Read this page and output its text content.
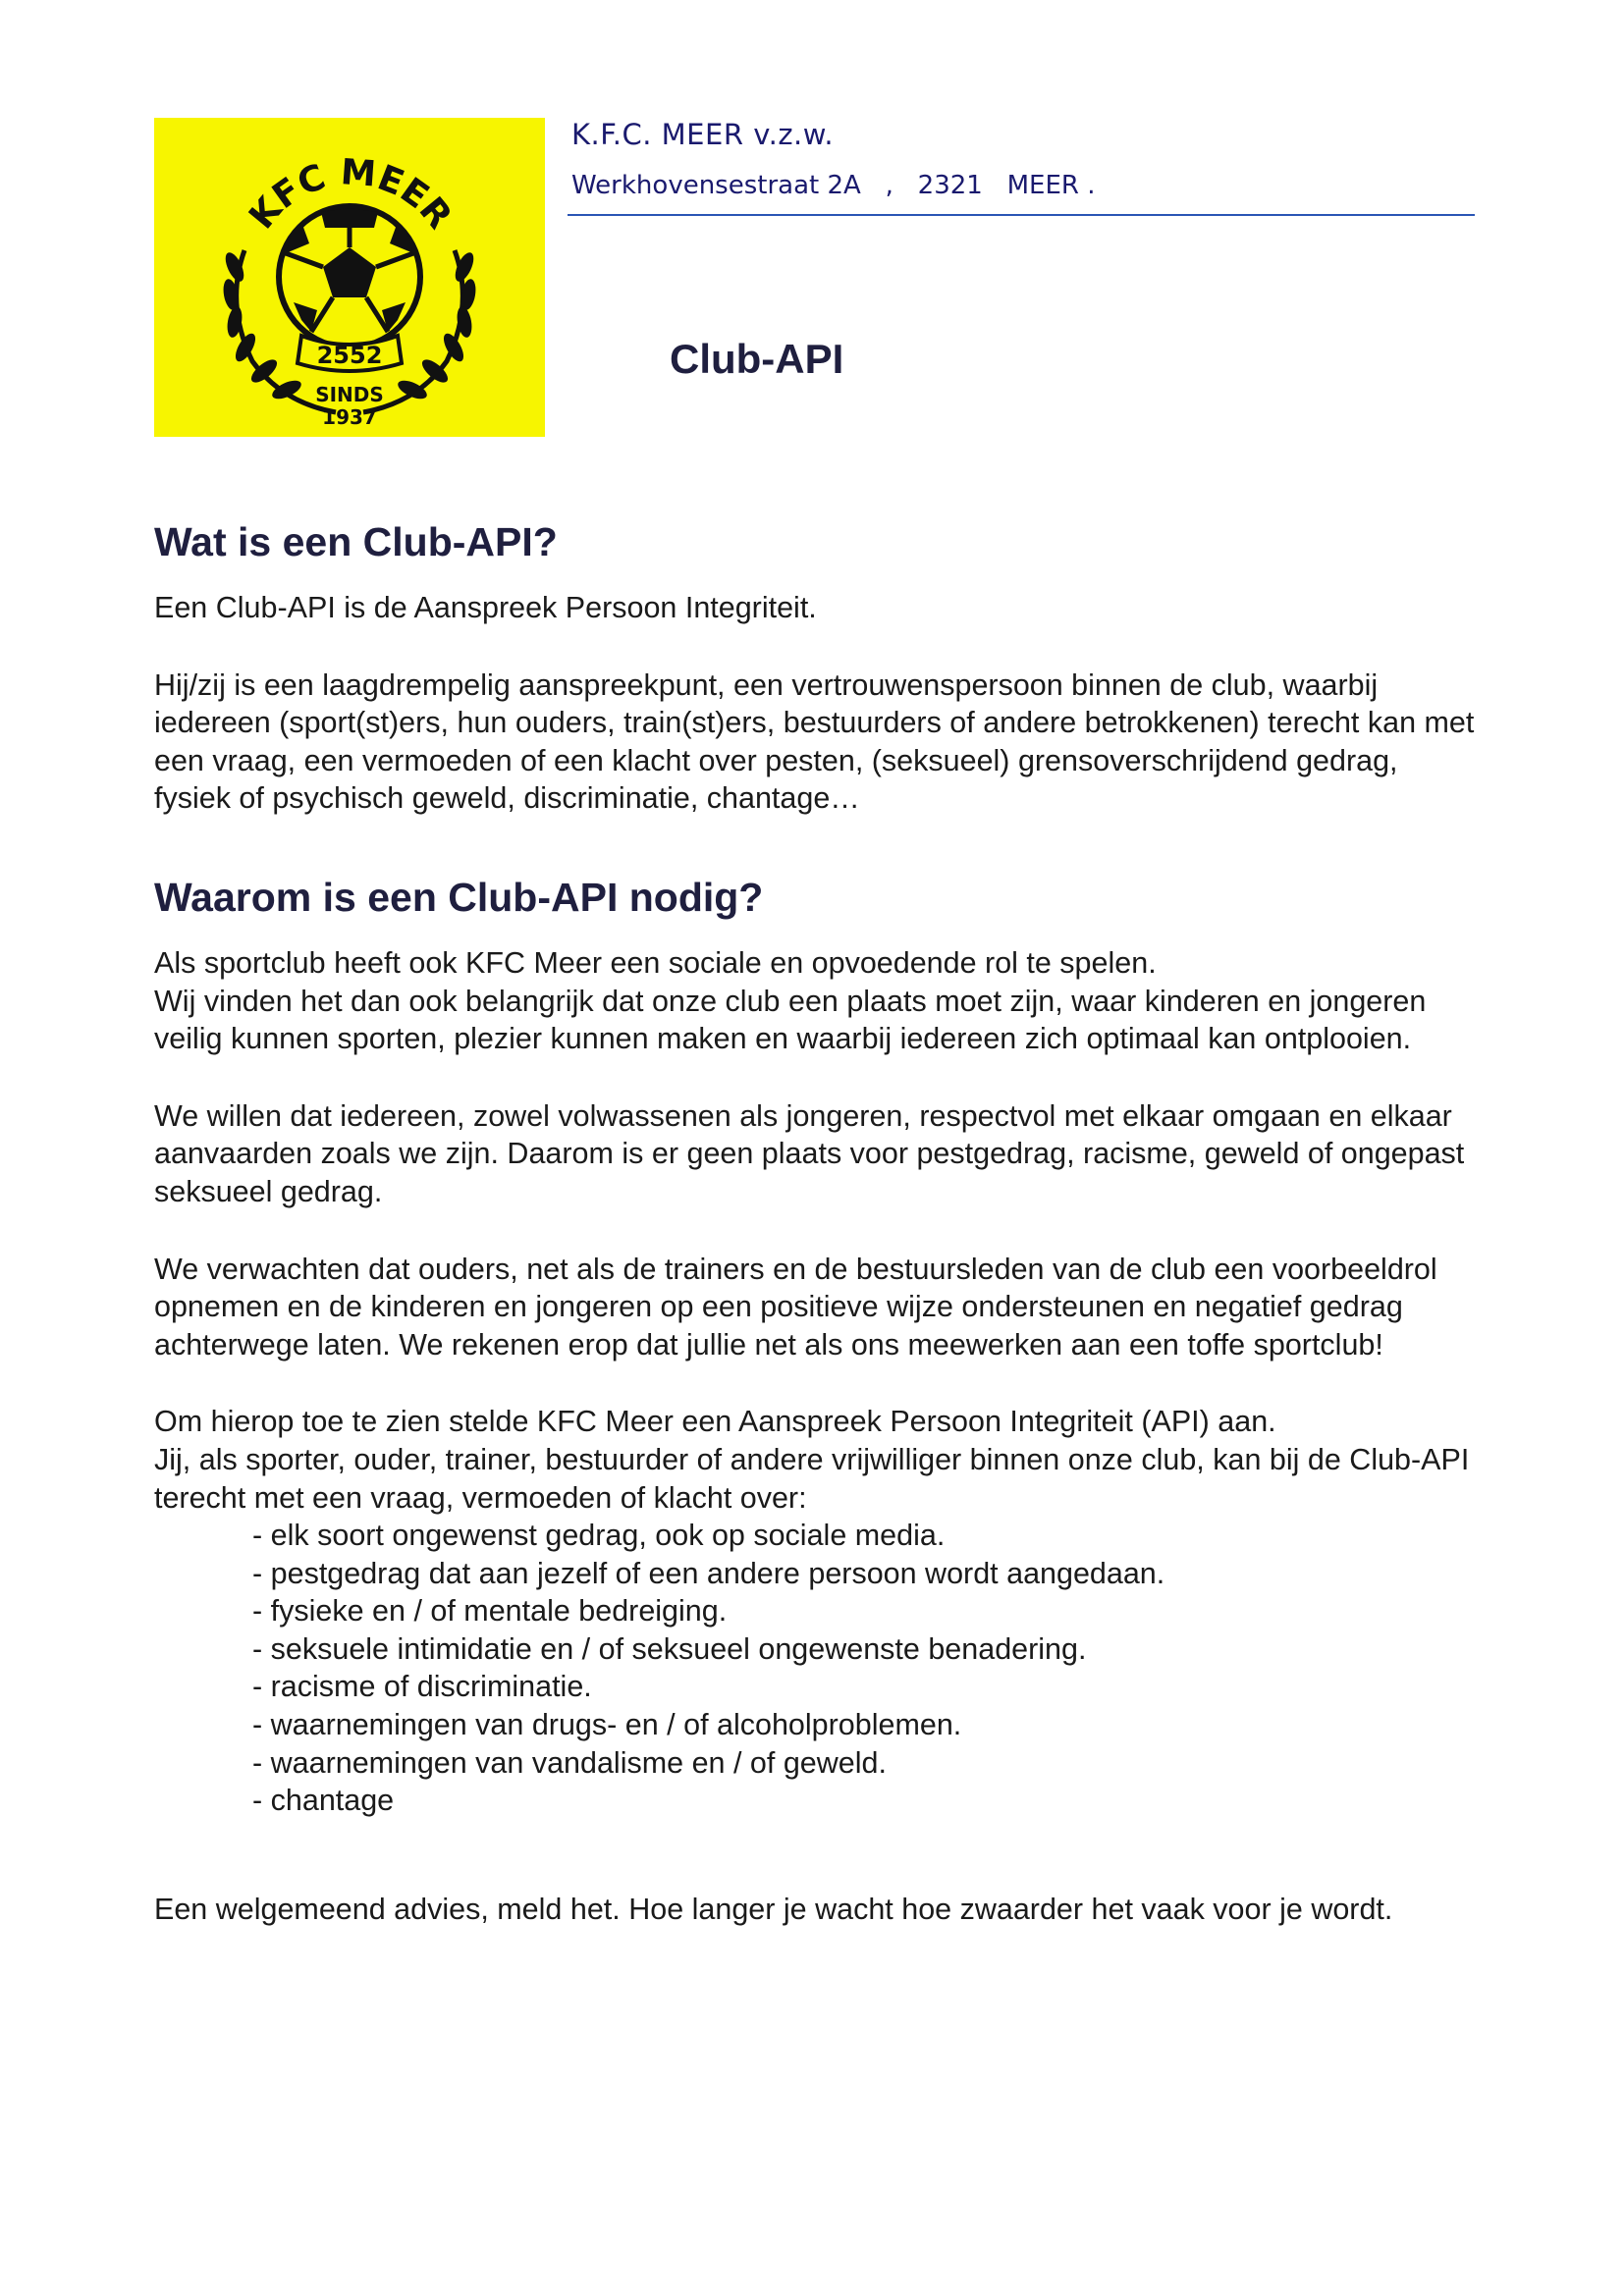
KFC MEER
2552
SINDS
1937
K.F.C. MEER v.z.w.

Werkhovensestraat 2A   ,   2321   MEER .

Club-API
Wat is een Club-API?

Een Club-API is de Aanspreek Persoon Integriteit.

Hij/zij is een laagdrempelig aanspreekpunt, een vertrouwenspersoon binnen de club, waarbij iedereen (sport(st)ers, hun ouders, train(st)ers, bestuurders of andere betrokkenen) terecht kan met een vraag, een vermoeden of een klacht over pesten, (seksueel) grensoverschrijdend gedrag, fysiek of psychisch geweld, discriminatie, chantage…

Waarom is een Club-API nodig?

Als sportclub heeft ook KFC Meer een sociale en opvoedende rol te spelen.

Wij vinden het dan ook belangrijk dat onze club een plaats moet zijn, waar kinderen en jongeren veilig kunnen sporten, plezier kunnen maken en waarbij iedereen zich optimaal kan ontplooien.

We willen dat iedereen, zowel volwassenen als jongeren, respectvol met elkaar omgaan en elkaar aanvaarden zoals we zijn. Daarom is er geen plaats voor pestgedrag, racisme, geweld of ongepast seksueel gedrag.

We verwachten dat ouders, net als de trainers en de bestuursleden van de club een voorbeeldrol opnemen en de kinderen en jongeren op een positieve wijze ondersteunen en negatief gedrag achterwege laten. We rekenen erop dat jullie net als ons meewerken aan een toffe sportclub!

Om hierop toe te zien stelde KFC Meer een Aanspreek Persoon Integriteit (API) aan.

Jij, als sporter, ouder, trainer, bestuurder of andere vrijwilliger binnen onze club, kan bij de Club-API terecht met een vraag, vermoeden of klacht over:

- elk soort ongewenst gedrag, ook op sociale media.
- pestgedrag dat aan jezelf of een andere persoon wordt aangedaan.
- fysieke en / of mentale bedreiging.
- seksuele intimidatie en / of seksueel ongewenste benadering.
- racisme of discriminatie.
- waarnemingen van drugs- en / of alcoholproblemen.
- waarnemingen van vandalisme en / of geweld.
- chantage

Een welgemeend advies, meld het. Hoe langer je wacht hoe zwaarder het vaak voor je wordt.
